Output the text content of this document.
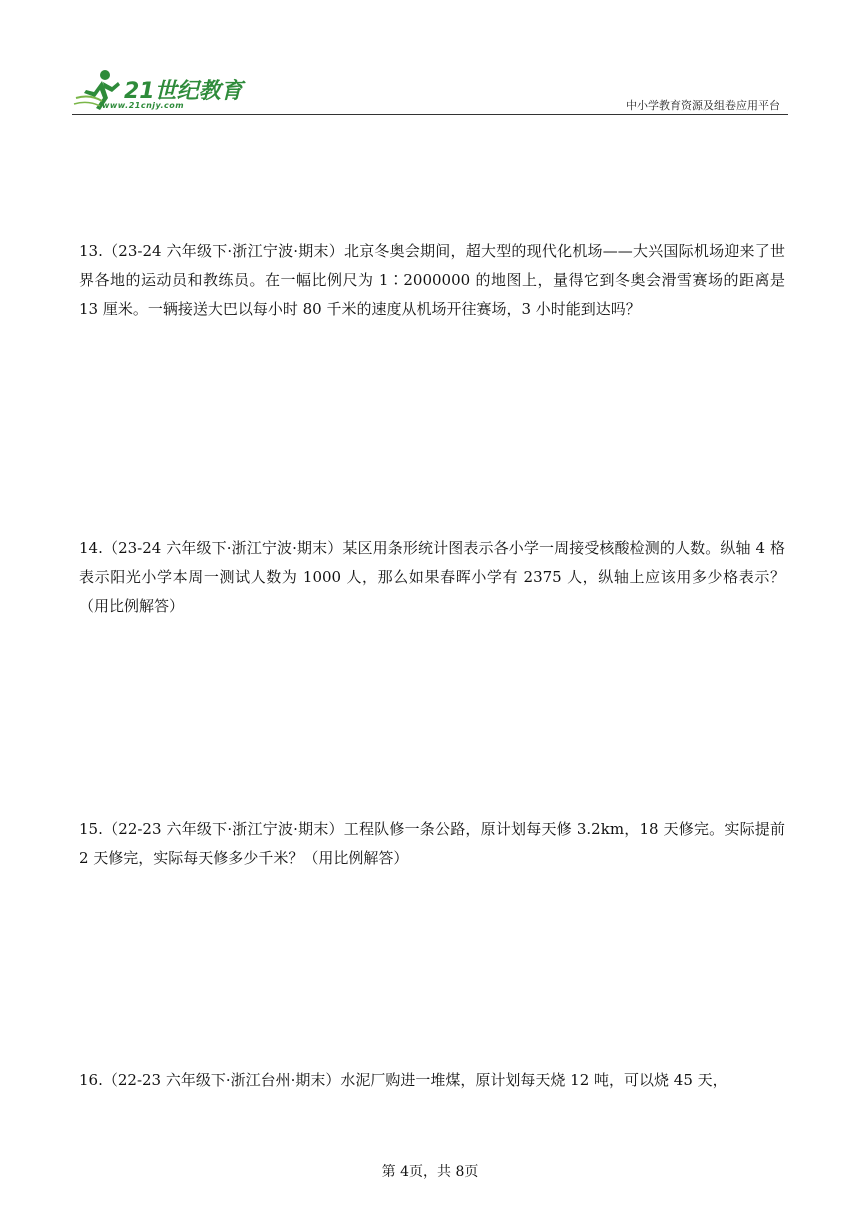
21世纪教育
www.21cnjy.com	中小学教育资源及组卷应用平台

13.（23-24 六年级下·浙江宁波·期末）北京冬奥会期间，超大型的现代化机场——大兴国际机场迎来了世界各地的运动员和教练员。在一幅比例尺为 1∶2000000 的地图上，量得它到冬奥会滑雪赛场的距离是 13 厘米。一辆接送大巴以每小时 80 千米的速度从机场开往赛场，3 小时能到达吗？

14.（23-24 六年级下·浙江宁波·期末）某区用条形统计图表示各小学一周接受核酸检测的人数。纵轴 4 格表示阳光小学本周一测试人数为 1000 人，那么如果春晖小学有 2375 人，纵轴上应该用多少格表示？（用比例解答）

15.（22-23 六年级下·浙江宁波·期末）工程队修一条公路，原计划每天修 3.2km，18 天修完。实际提前 2 天修完，实际每天修多少千米？（用比例解答）

16.（22-23 六年级下·浙江台州·期末）水泥厂购进一堆煤，原计划每天烧 12 吨，可以烧 45 天，

第 4页，共 8页
